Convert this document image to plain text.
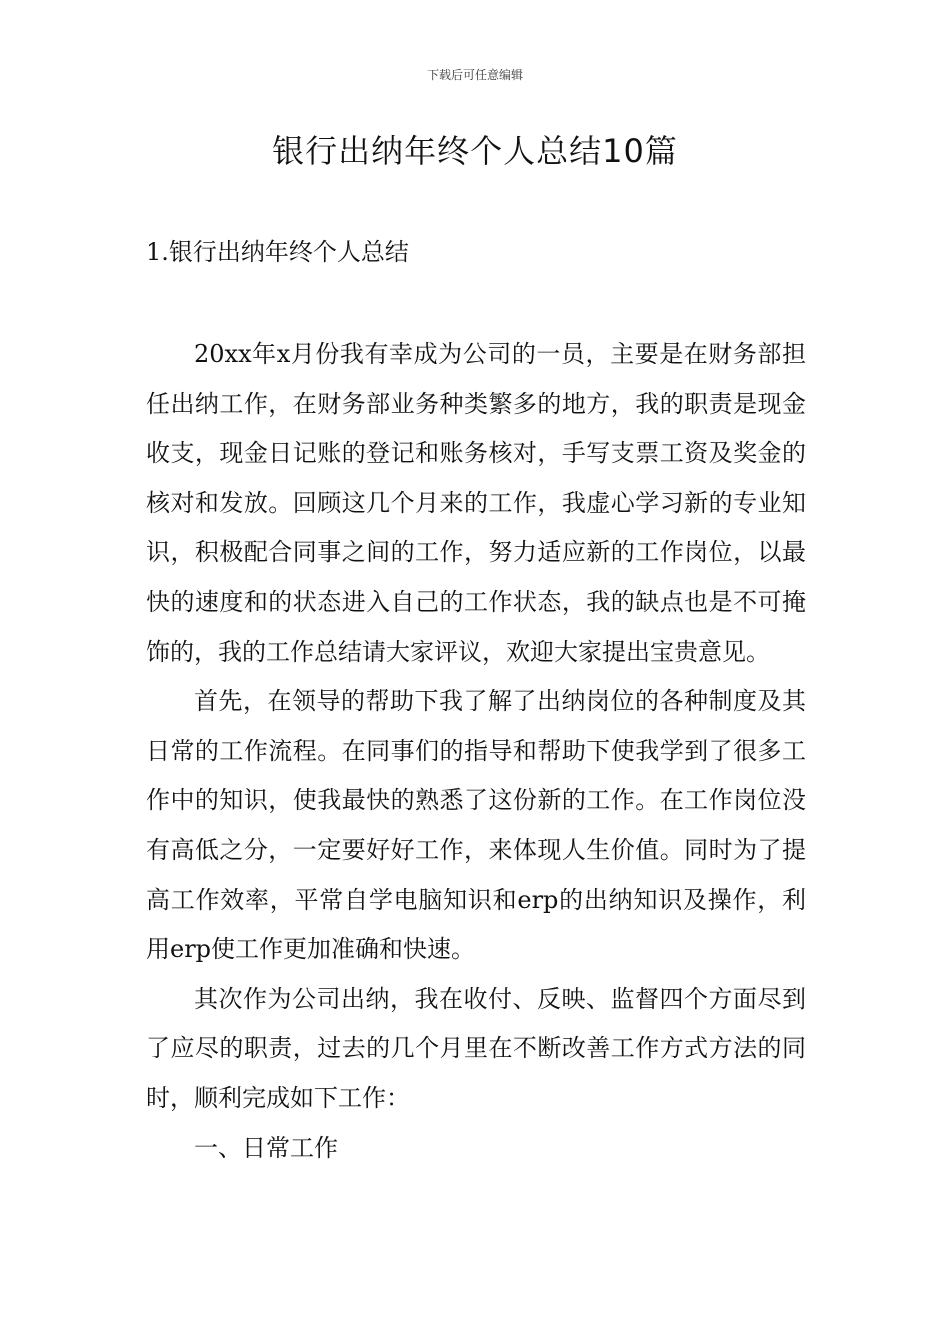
下载后可任意编辑
银行出纳年终个人总结10篇
1.银行出纳年终个人总结

20xx年x月份我有幸成为公司的一员，主要是在财务部担任出纳工作，在财务部业务种类繁多的地方，我的职责是现金收支，现金日记账的登记和账务核对，手写支票工资及奖金的核对和发放。回顾这几个月来的工作，我虚心学习新的专业知识，积极配合同事之间的工作，努力适应新的工作岗位，以最快的速度和的状态进入自己的工作状态，我的缺点也是不可掩饰的，我的工作总结请大家评议，欢迎大家提出宝贵意见。

首先，在领导的帮助下我了解了出纳岗位的各种制度及其日常的工作流程。在同事们的指导和帮助下使我学到了很多工作中的知识，使我最快的熟悉了这份新的工作。在工作岗位没有高低之分，一定要好好工作，来体现人生价值。同时为了提高工作效率，平常自学电脑知识和erp的出纳知识及操作，利用erp使工作更加准确和快速。

其次作为公司出纳，我在收付、反映、监督四个方面尽到了应尽的职责，过去的几个月里在不断改善工作方式方法的同时，顺利完成如下工作：

一、日常工作
